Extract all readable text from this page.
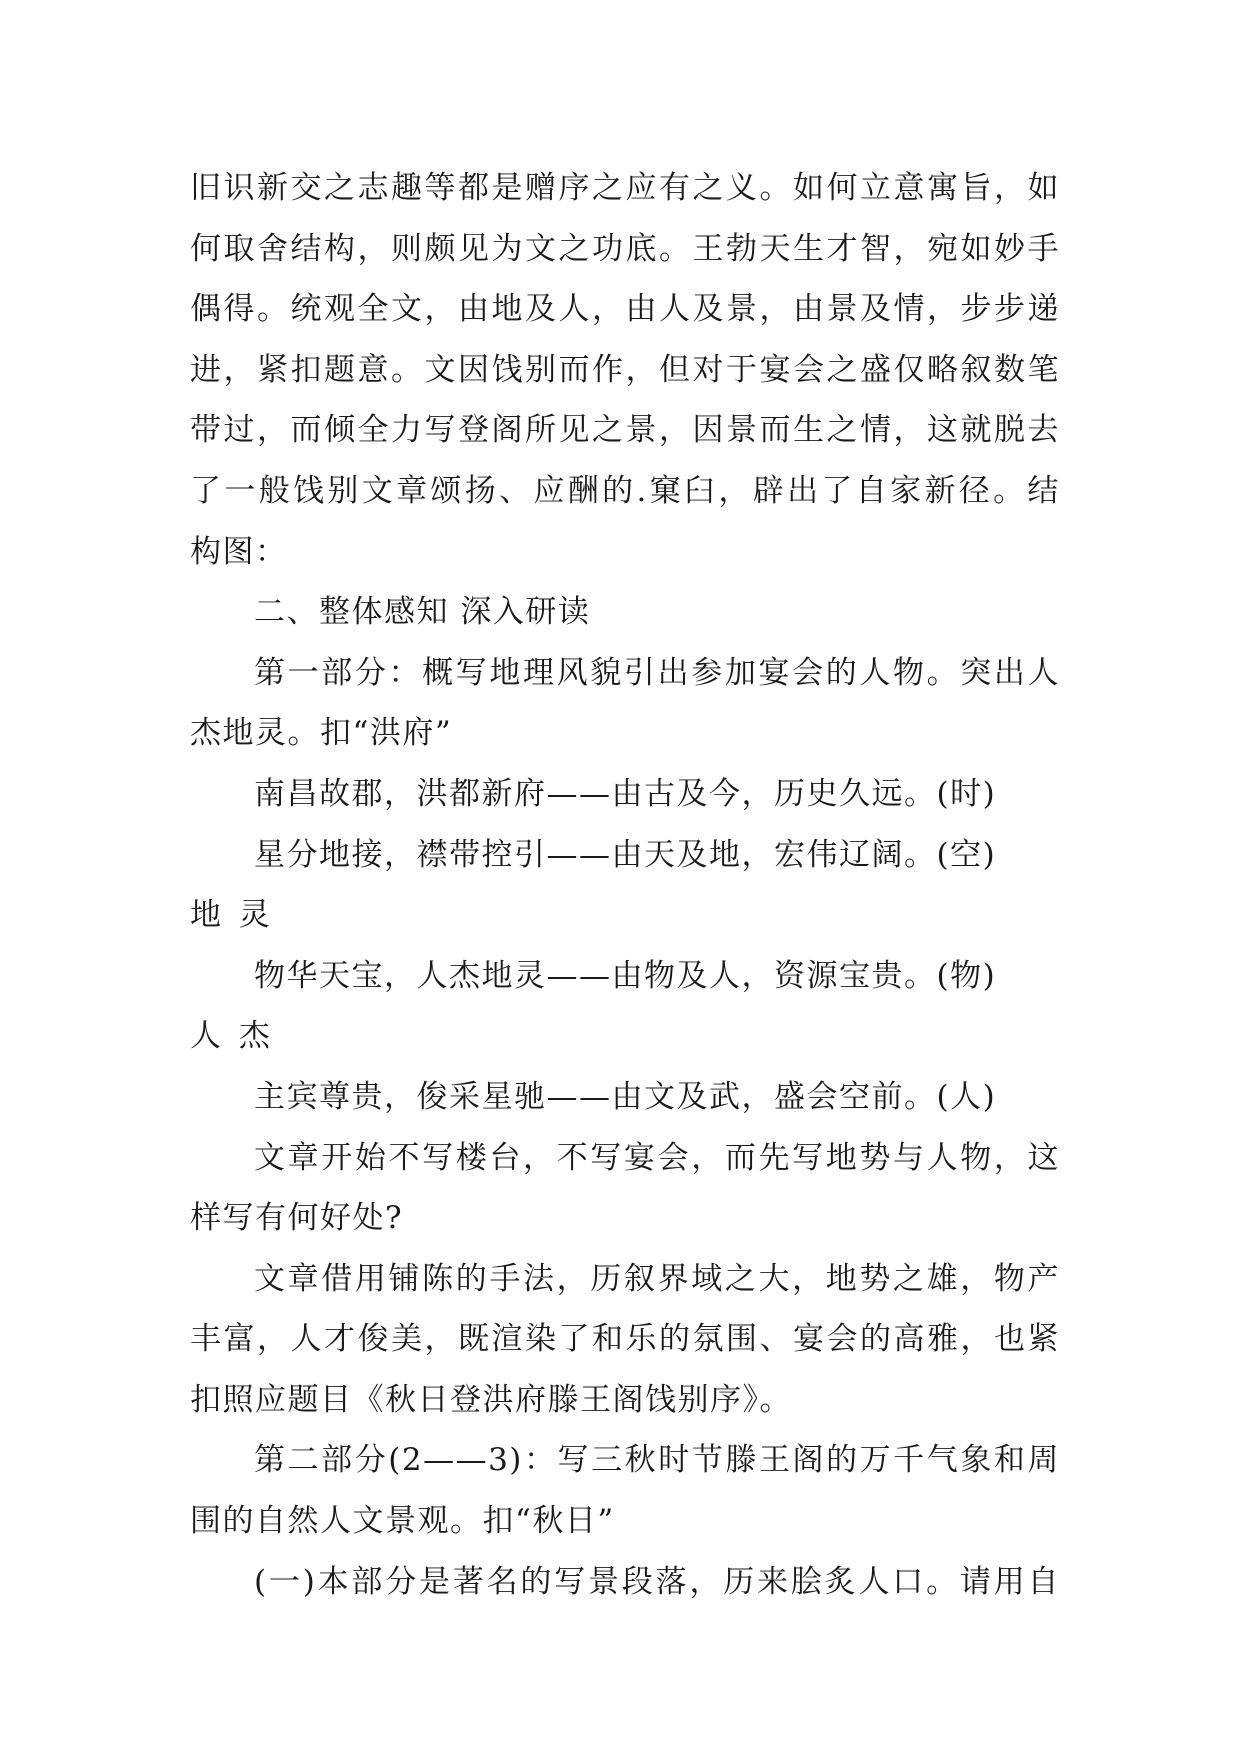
旧识新交之志趣等都是赠序之应有之义。如何立意寓旨，如
何取舍结构，则颇见为文之功底。王勃天生才智，宛如妙手
偶得。统观全文，由地及人，由人及景，由景及情，步步递
进，紧扣题意。文因饯别而作，但对于宴会之盛仅略叙数笔
带过，而倾全力写登阁所见之景，因景而生之情，这就脱去
了一般饯别文章颂扬、应酬的.窠臼，辟出了自家新径。结
构图：
二、整体感知 深入研读
第一部分：概写地理风貌引出参加宴会的人物。突出人
杰地灵。扣“洪府”
南昌故郡，洪都新府——由古及今，历史久远。(时)
星分地接，襟带控引——由天及地，宏伟辽阔。(空)
地 灵
物华天宝，人杰地灵——由物及人，资源宝贵。(物)
人 杰
主宾尊贵，俊采星驰——由文及武，盛会空前。(人)
文章开始不写楼台，不写宴会，而先写地势与人物，这
样写有何好处?
文章借用铺陈的手法，历叙界域之大，地势之雄，物产
丰富，人才俊美，既渲染了和乐的氛围、宴会的高雅，也紧
扣照应题目《秋日登洪府滕王阁饯别序》。
第二部分(2——3)：写三秋时节滕王阁的万千气象和周
围的自然人文景观。扣“秋日”
(一)本部分是著名的写景段落，历来脍炙人口。请用自
